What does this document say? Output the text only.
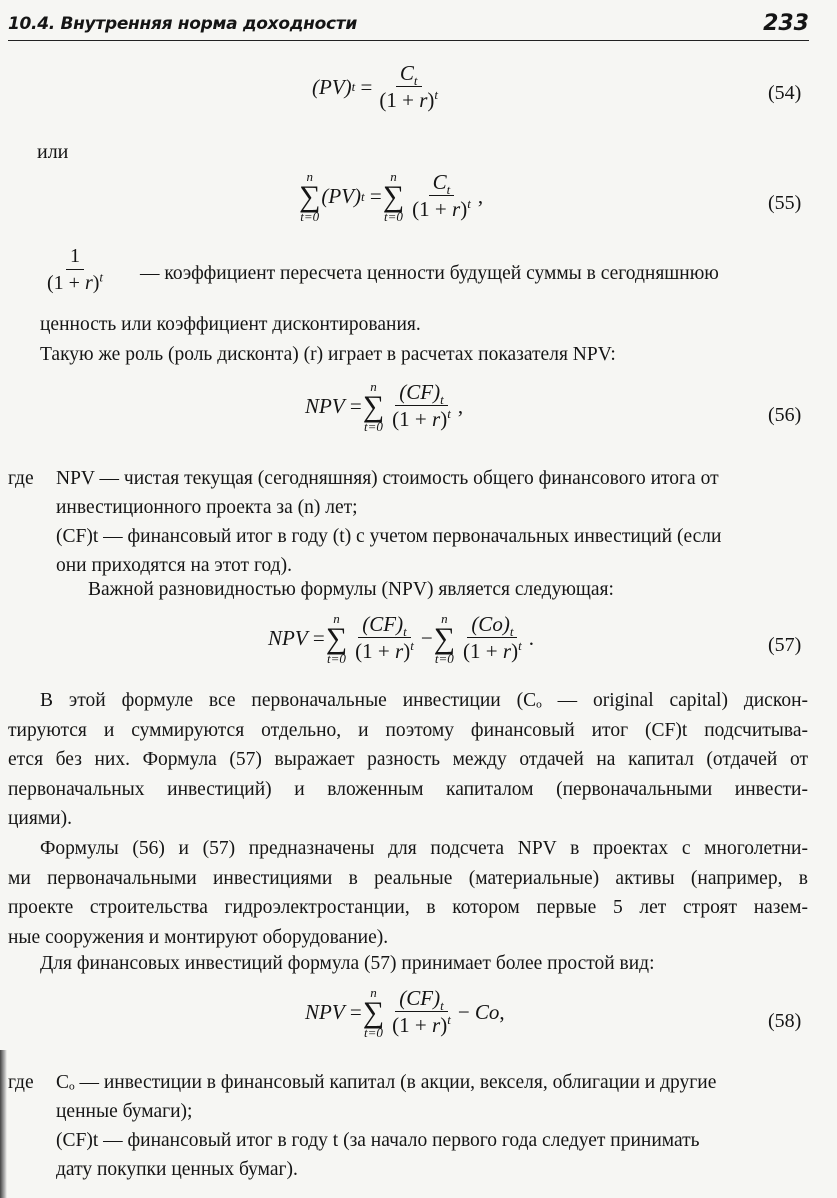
10.4. Внутренняя норма доходности	233
(PV) $t = \frac{C_t}{(1 + r)^t}$	(54)
или
n
∑
t=0
(PV) t =
n
∑
$t=0 \frac{C_t}{(1 + r)^t}$ ,	(55)
$\frac{1}{(1 + r)^t}$ — коэффициент пересчета ценности будущей суммы в сегодняшнюю
ценность или коэффициент дисконтирования.
Такую же роль (роль дисконта) (r) играет в расчетах показателя NPV:
NPV =
n
∑
$t=0 \frac{(CF)_t}{(1 + r)^t}$ ,	(56)
где NPV — чистая текущая (сегодняшняя) стоимость общего финансового итога от
инвестиционного проекта за (n) лет;
(CF)t — финансовый итог в году (t) с учетом первоначальных инвестиций (если
они приходятся на этот год).
Важной разновидностью формулы (NPV) является следующая:
NPV =
n
∑
$t=0 \frac{(CF)_t}{(1 + r)^t}$ −
n
∑
$t=0 \frac{(Co)_t}{(1 + r)^t}$ .	(57)
В этой формуле все первоначальные инвестиции (Cₒ — original capital) дискон-
тируются и суммируются отдельно, и поэтому финансовый итог (CF)t подсчитыва-
ется без них. Формула (57) выражает разность между отдачей на капитал (отдачей от
первоначальных инвестиций) и вложенным капиталом (первоначальными инвести-
циями).
Формулы (56) и (57) предназначены для подсчета NPV в проектах с многолетни-
ми первоначальными инвестициями в реальные (материальные) активы (например, в
проекте строительства гидроэлектростанции, в котором первые 5 лет строят назем-
ные сооружения и монтируют оборудование).
Для финансовых инвестиций формула (57) принимает более простой вид:
NPV =
n
∑
$t=0 \frac{(CF)_t}{(1 + r)^t} - Co$ ,	(58)
где Cₒ — инвестиции в финансовый капитал (в акции, векселя, облигации и другие
ценные бумаги);
(CF)t — финансовый итог в году t (за начало первого года следует принимать
дату покупки ценных бумаг).
